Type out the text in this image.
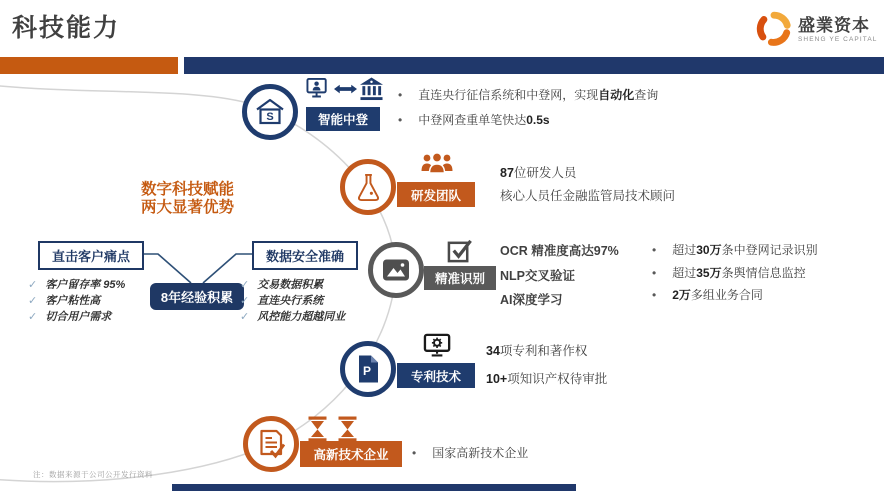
科技能力	盛業资本
SHENG YE CAPITAL
数字科技赋能
两大显著优势
直击客户痛点	数据安全准确
8年经验积累
✓ 客户留存率 95%
✓ 客户粘性高
✓ 切合用户需求
✓ 交易数据积累
✓ 直连央行系统
✓ 风控能力超越同业
S	智能中登
• 直连央行征信系统和中登网，实现自动化查询
• 中登网查重单笔快达0.5s
研发团队
87位研发人员
核心人员任金融监管局技术顾问
精准识别
OCR 精准度高达97%
NLP交叉验证
AI深度学习
• 超过30万条中登网记录识别
• 超过35万条舆情信息监控
• 2万多组业务合同
P	专利技术
34项专利和著作权
10+项知识产权待审批
高新技术企业	• 国家高新技术企业
注：数据来源于公司公开发行资料
